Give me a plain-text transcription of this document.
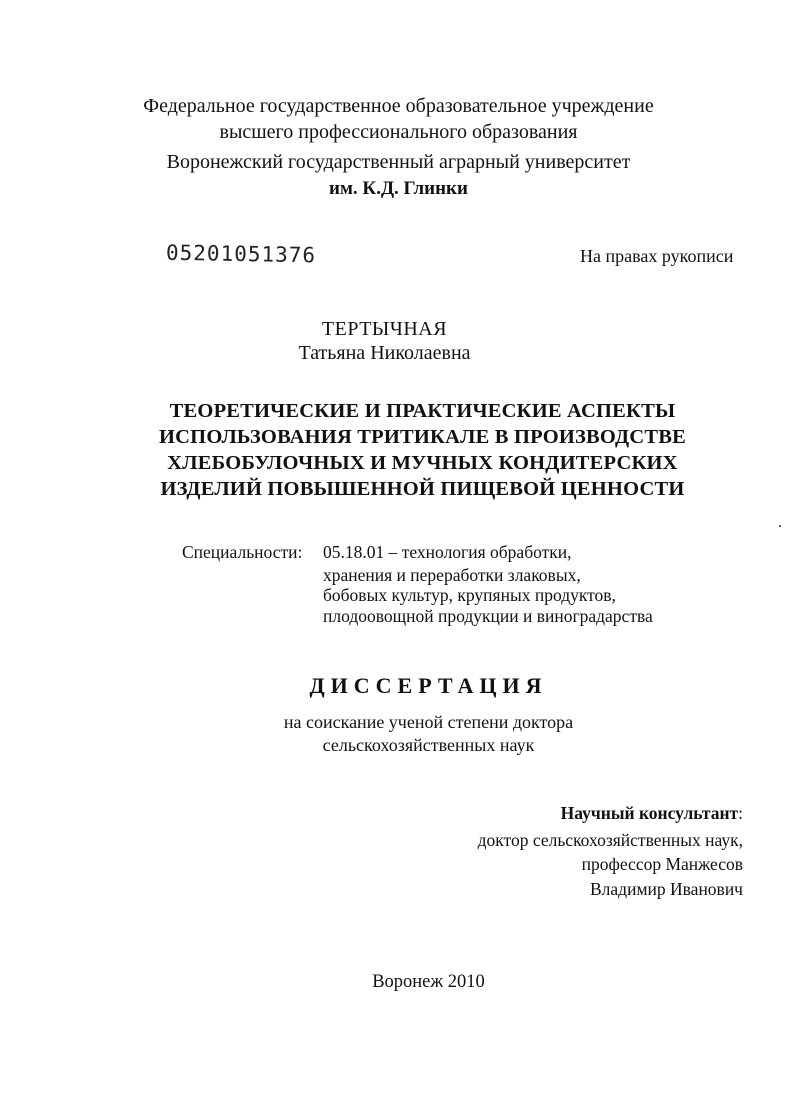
Федеральное государственное образовательное учреждение
высшего профессионального образования
Воронежский государственный аграрный университет
им. К.Д. Глинки
05201051376	На правах рукописи
ТЕРТЫЧНАЯ
Татьяна Николаевна
ТЕОРЕТИЧЕСКИЕ И ПРАКТИЧЕСКИЕ АСПЕКТЫ
ИСПОЛЬЗОВАНИЯ ТРИТИКАЛЕ В ПРОИЗВОДСТВЕ
ХЛЕБОБУЛОЧНЫХ И МУЧНЫХ КОНДИТЕРСКИХ
ИЗДЕЛИЙ ПОВЫШЕННОЙ ПИЩЕВОЙ ЦЕННОСТИ
Специальности: 05.18.01 – технология обработки,
хранения и переработки злаковых,
бобовых культур, крупяных продуктов,
плодоовощной продукции и виноградарства
ДИССЕРТАЦИЯ
на соискание ученой степени доктора
сельскохозяйственных наук
Научный консультант:
доктор сельскохозяйственных наук,
профессор Манжесов
Владимир Иванович
Воронеж 2010
